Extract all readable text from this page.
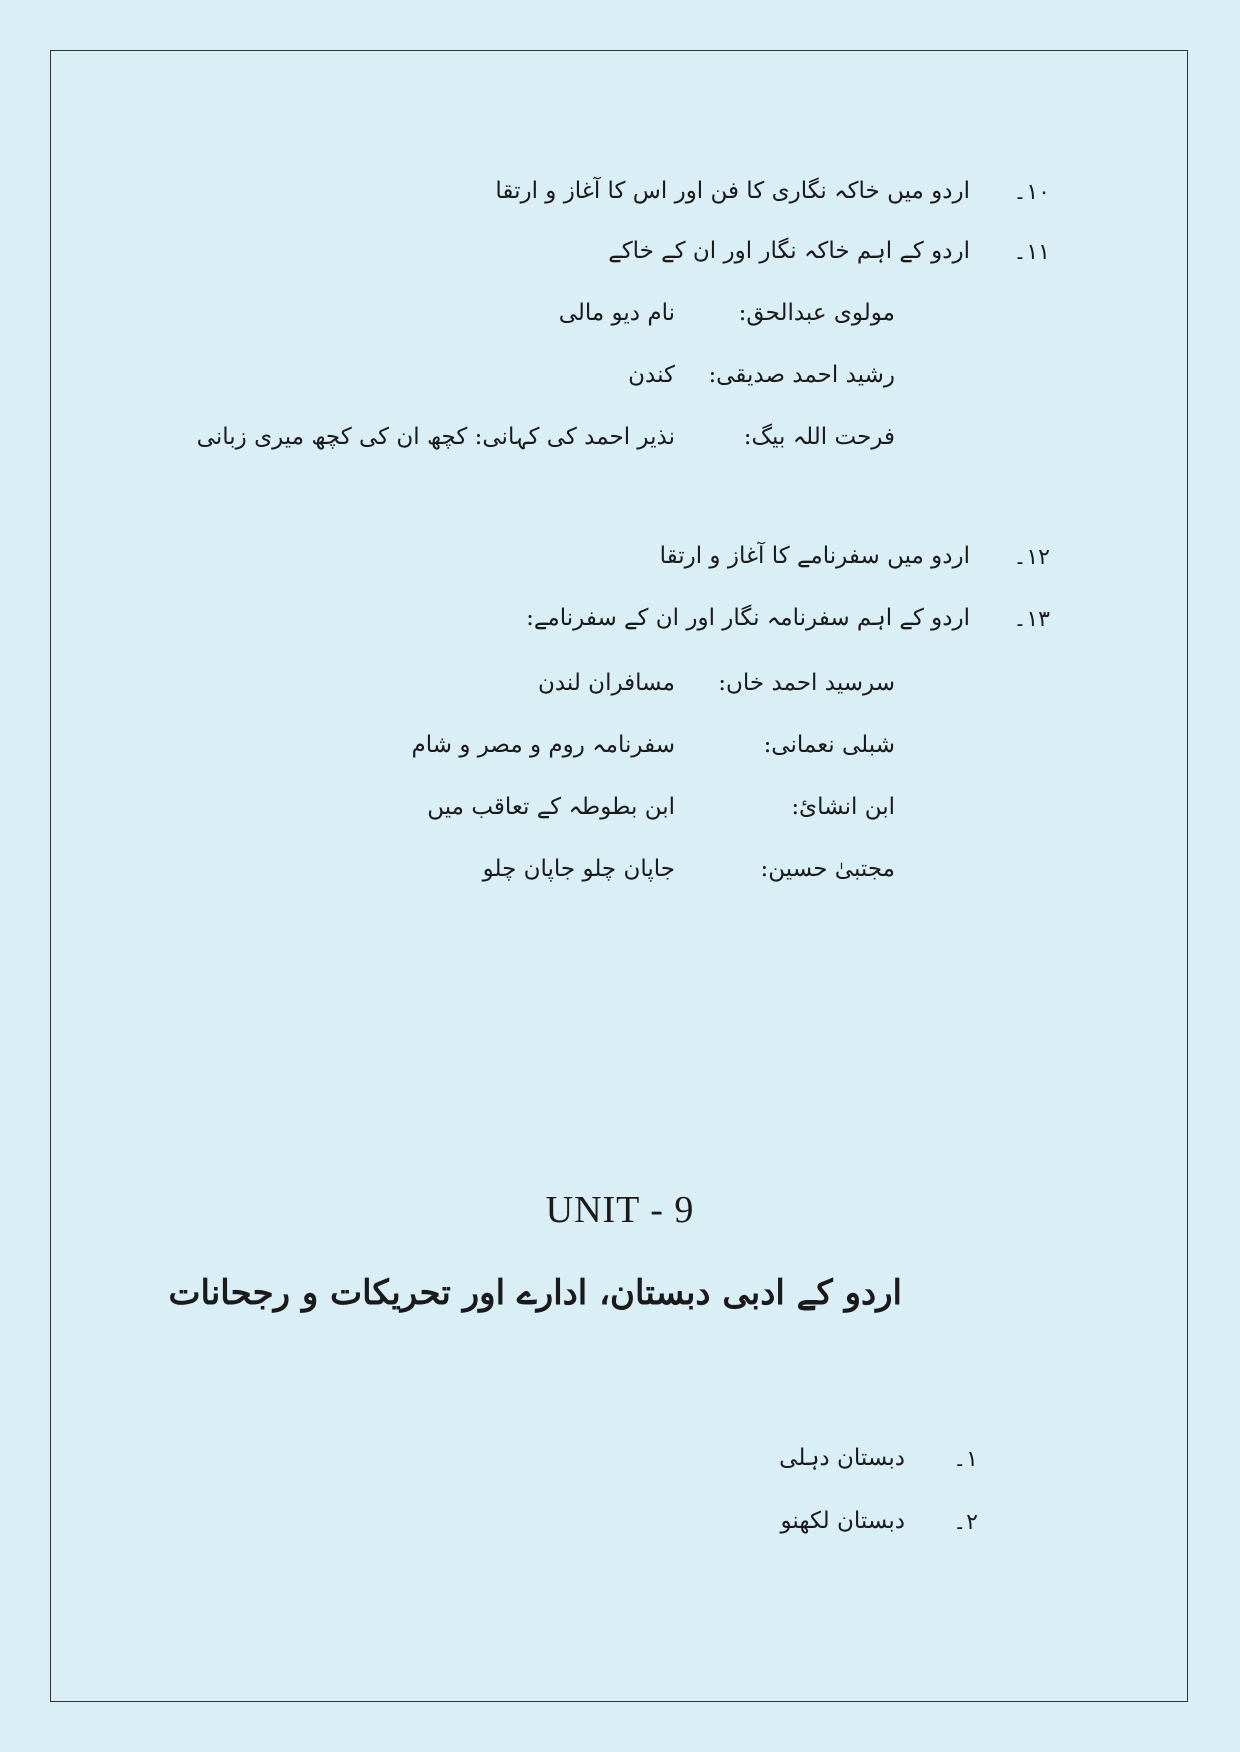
۱۰۔
اردو میں خاکہ نگاری کا فن اور اس کا آغاز و ارتقا
۱۱۔
اردو کے اہم خاکہ نگار اور ان کے خاکے
مولوی عبدالحق:
نام دیو مالی
رشید احمد صدیقی:
کندن
فرحت اللہ بیگ:
نذیر احمد کی کہانی: کچھ ان کی کچھ میری زبانی
۱۲۔
اردو میں سفرنامے کا آغاز و ارتقا
۱۳۔
اردو کے اہم سفرنامہ نگار اور ان کے سفرنامے:
سرسید احمد خاں:
مسافران لندن
شبلی نعمانی:
سفرنامہ روم و مصر و شام
ابن انشائ:
ابن بطوطہ کے تعاقب میں
مجتبیٰ حسین:
جاپان چلو جاپان چلو
UNIT - 9
اردو کے ادبی دبستان، ادارے اور تحریکات و رجحانات
۱۔
دبستان دہلی
۲۔
دبستان لکھنو
